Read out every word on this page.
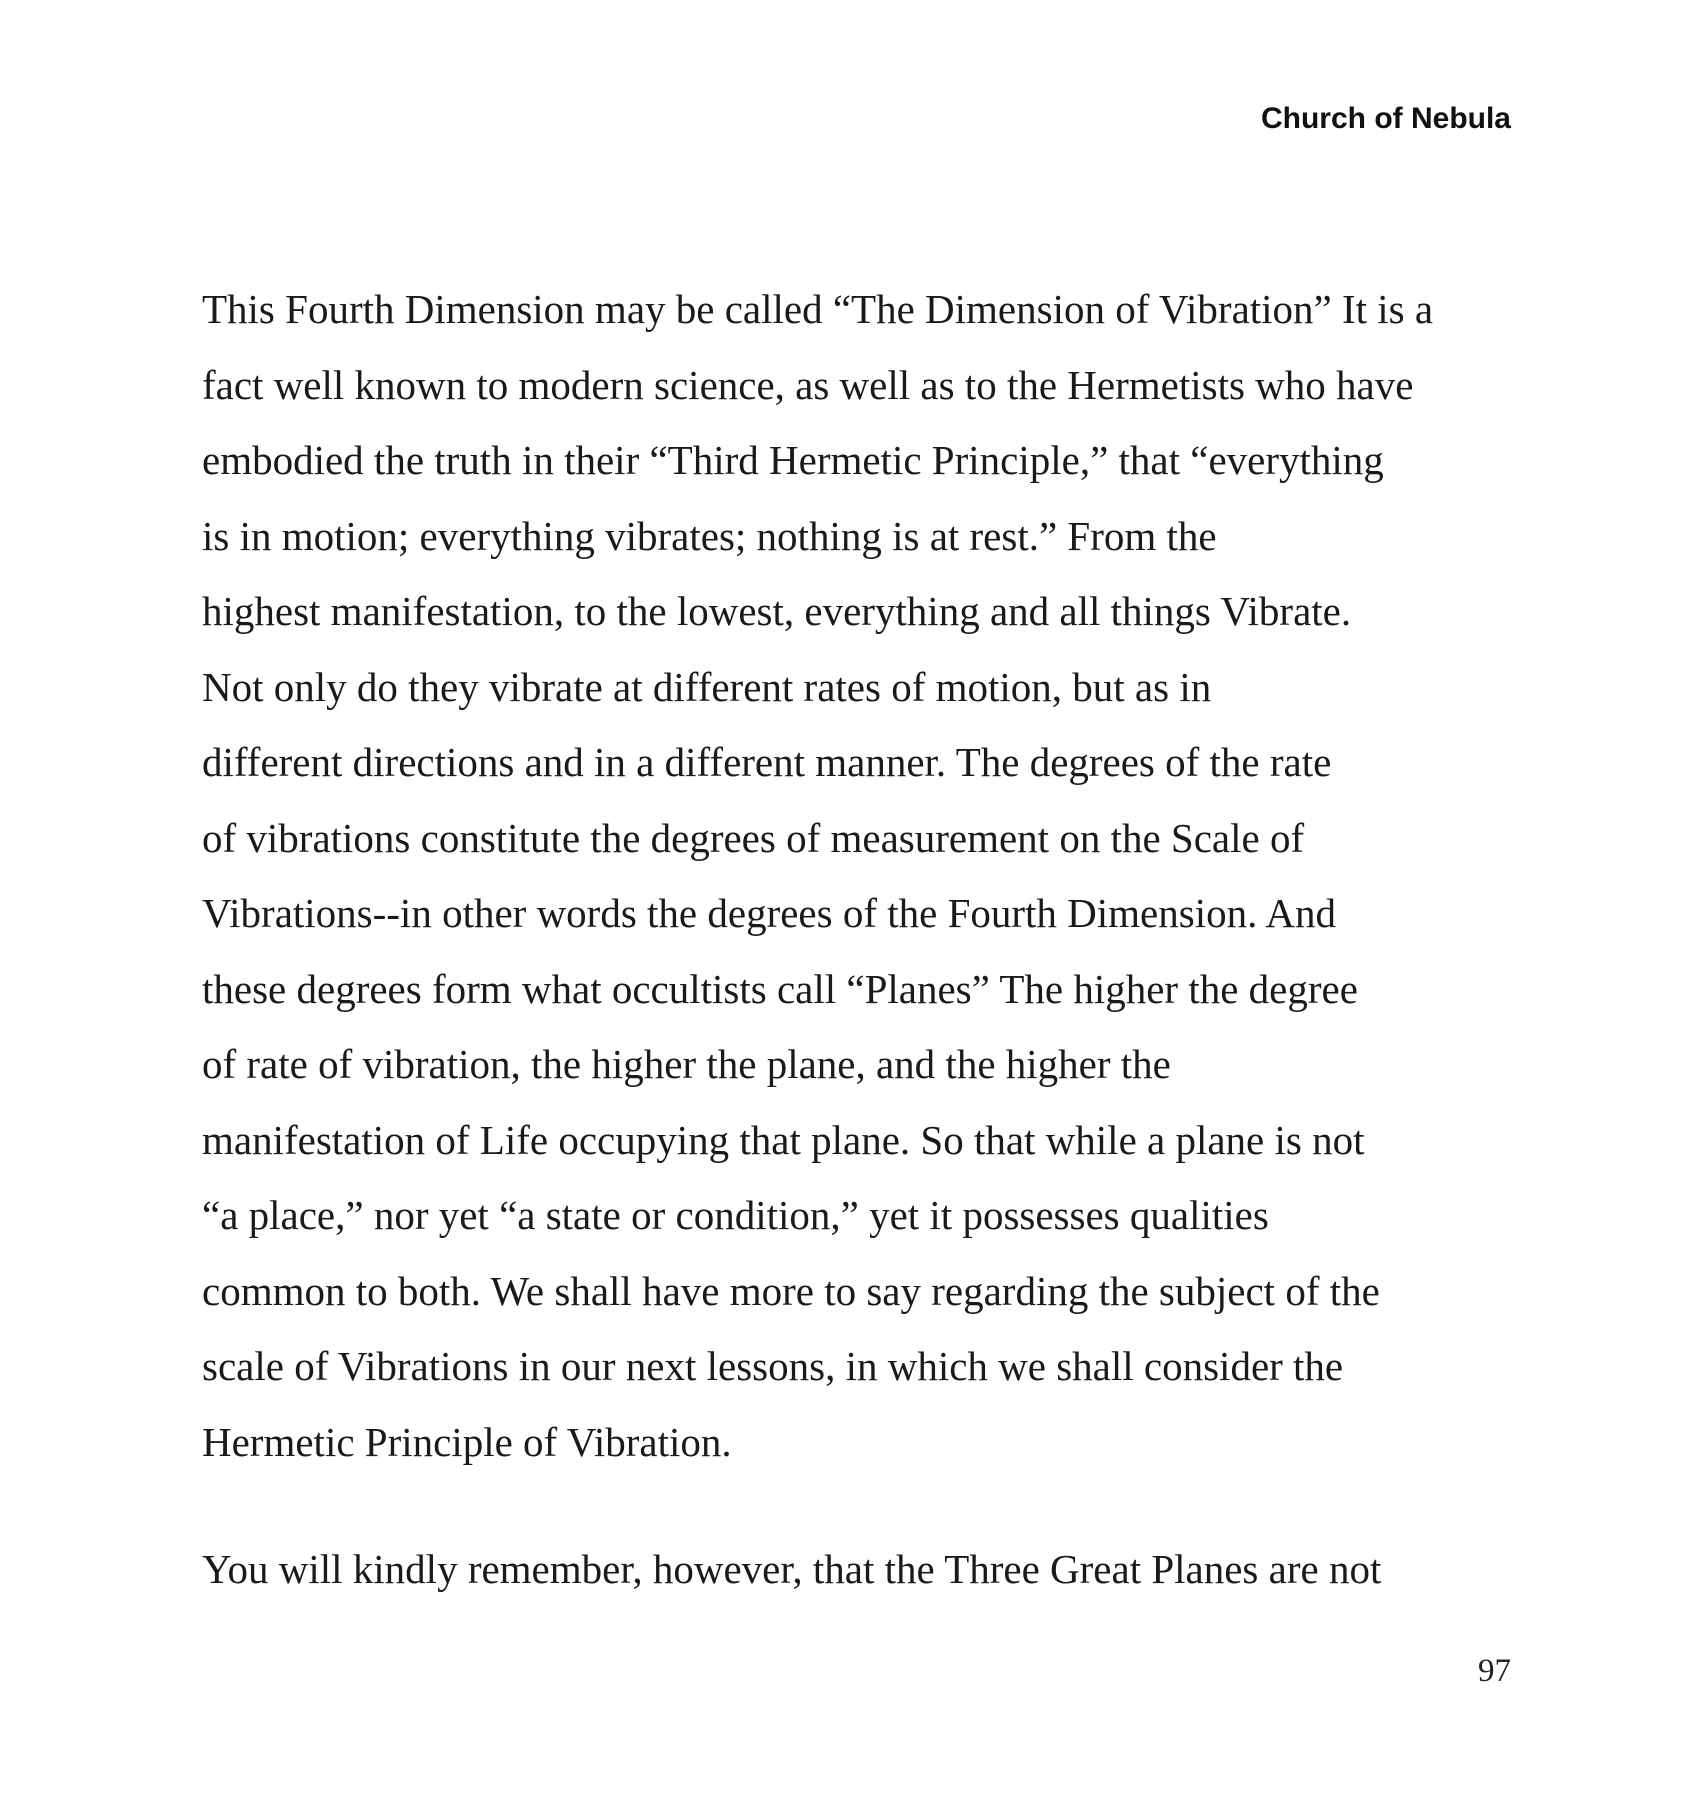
Church of Nebula
This Fourth Dimension may be called “The Dimension of Vibration” It is a
fact well known to modern science, as well as to the Hermetists who have
embodied the truth in their “Third Hermetic Principle,” that “everything
is in motion; everything vibrates; nothing is at rest.” From the
highest manifestation, to the lowest, everything and all things Vibrate.
Not only do they vibrate at different rates of motion, but as in
different directions and in a different manner. The degrees of the rate
of vibrations constitute the degrees of measurement on the Scale of
Vibrations--in other words the degrees of the Fourth Dimension. And
these degrees form what occultists call “Planes” The higher the degree
of rate of vibration, the higher the plane, and the higher the
manifestation of Life occupying that plane. So that while a plane is not
“a place,” nor yet “a state or condition,” yet it possesses qualities
common to both. We shall have more to say regarding the subject of the
scale of Vibrations in our next lessons, in which we shall consider the
Hermetic Principle of Vibration.
You will kindly remember, however, that the Three Great Planes are not
97
